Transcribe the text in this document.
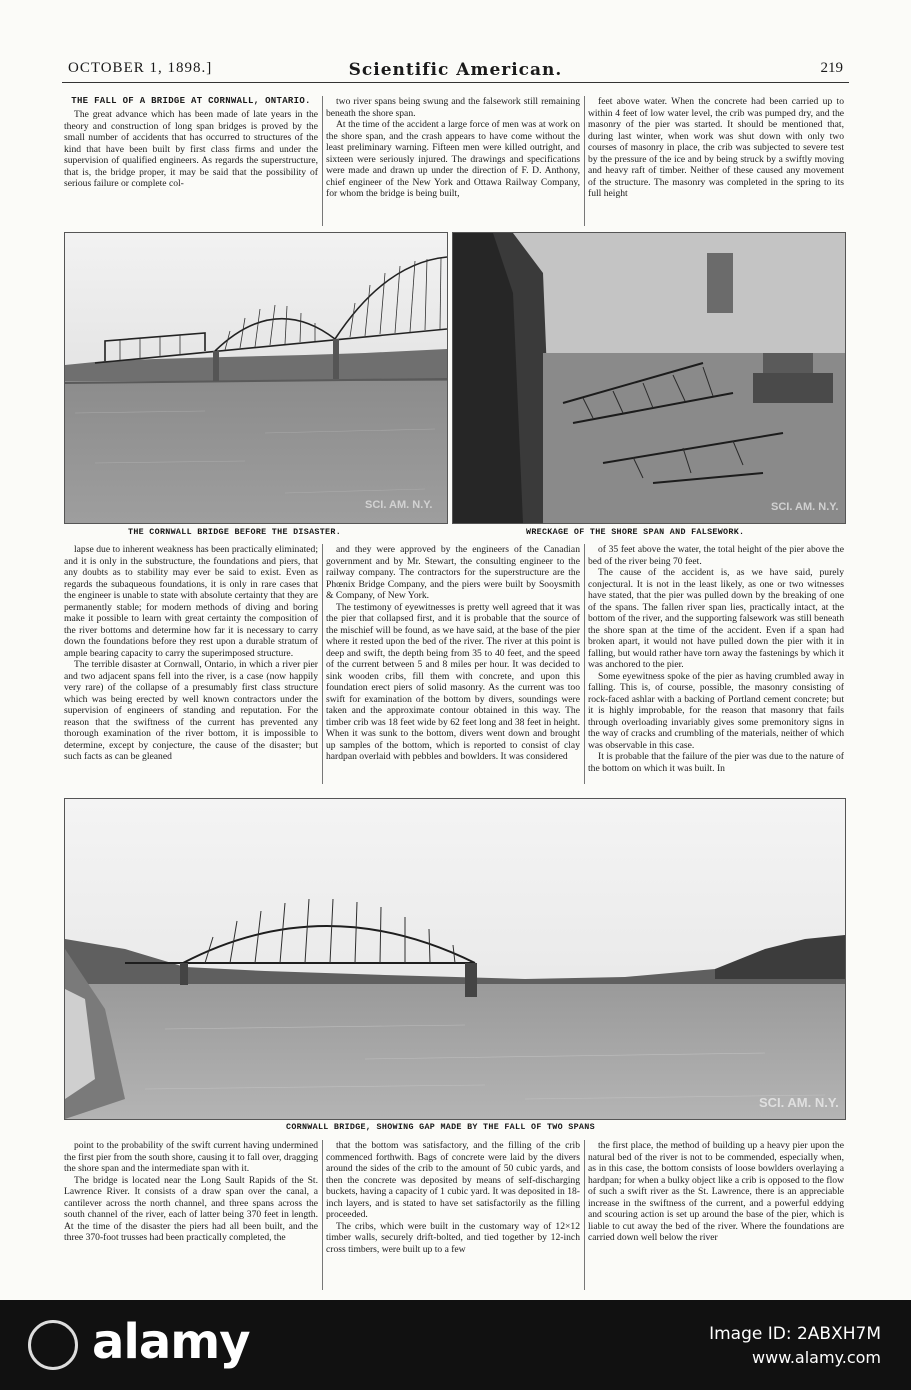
OCTOBER 1, 1898.]	Scientific American.	219
THE FALL OF A BRIDGE AT CORNWALL, ONTARIO.

The great advance which has been made of late years in the theory and construction of long span bridges is proved by the small number of accidents that has occurred to structures of the kind that have been built by first class firms and under the supervision of qualified engineers. As regards the superstructure, that is, the bridge proper, it may be said that the possibility of serious failure or complete col-

two river spans being swung and the falsework still remaining beneath the shore span.

At the time of the accident a large force of men was at work on the shore span, and the crash appears to have come without the least preliminary warning. Fifteen men were killed outright, and sixteen were seriously injured. The drawings and specifications were made and drawn up under the direction of F. D. Anthony, chief engineer of the New York and Ottawa Railway Company, for whom the bridge is being built,

feet above water. When the concrete had been carried up to within 4 feet of low water level, the crib was pumped dry, and the masonry of the pier was started. It should be mentioned that, during last winter, when work was shut down with only two courses of masonry in place, the crib was subjected to severe test by the pressure of the ice and by being struck by a swiftly moving and heavy raft of timber. Neither of these caused any movement of the structure. The masonry was completed in the spring to its full height

SCI. AM. N.Y.	SCI. AM. N.Y.
THE CORNWALL BRIDGE BEFORE THE DISASTER.	WRECKAGE OF THE SHORE SPAN AND FALSEWORK.

lapse due to inherent weakness has been practically eliminated; and it is only in the substructure, the foundations and piers, that any doubts as to stability may ever be said to exist. Even as regards the subaqueous foundations, it is only in rare cases that the engineer is unable to state with absolute certainty that they are permanently stable; for modern methods of diving and boring make it possible to learn with great certainty the composition of the river bottoms and determine how far it is necessary to carry down the foundations before they rest upon a durable stratum of ample bearing capacity to carry the superimposed structure.

The terrible disaster at Cornwall, Ontario, in which a river pier and two adjacent spans fell into the river, is a case (now happily very rare) of the collapse of a presumably first class structure which was being erected by well known contractors under the supervision of engineers of standing and reputation. For the reason that the swiftness of the current has prevented any thorough examination of the river bottom, it is impossible to determine, except by conjecture, the cause of the disaster; but such facts as can be gleaned

and they were approved by the engineers of the Canadian government and by Mr. Stewart, the consulting engineer to the railway company. The contractors for the superstructure are the Phœnix Bridge Company, and the piers were built by Sooysmith & Company, of New York.

The testimony of eyewitnesses is pretty well agreed that it was the pier that collapsed first, and it is probable that the source of the mischief will be found, as we have said, at the base of the pier where it rested upon the bed of the river. The river at this point is deep and swift, the depth being from 35 to 40 feet, and the speed of the current between 5 and 8 miles per hour. It was decided to sink wooden cribs, fill them with concrete, and upon this foundation erect piers of solid masonry. As the current was too swift for examination of the bottom by divers, soundings were taken and the approximate contour obtained in this way. The timber crib was 18 feet wide by 62 feet long and 38 feet in height. When it was sunk to the bottom, divers went down and brought up samples of the bottom, which is reported to consist of clay hardpan overlaid with pebbles and bowlders. It was considered

of 35 feet above the water, the total height of the pier above the bed of the river being 70 feet.

The cause of the accident is, as we have said, purely conjectural. It is not in the least likely, as one or two witnesses have stated, that the pier was pulled down by the breaking of one of the spans. The fallen river span lies, practically intact, at the bottom of the river, and the supporting falsework was still beneath the shore span at the time of the accident. Even if a span had broken apart, it would not have pulled down the pier with it in falling, but would rather have torn away the fastenings by which it was anchored to the pier.

Some eyewitness spoke of the pier as having crumbled away in falling. This is, of course, possible, the masonry consisting of rock-faced ashlar with a backing of Portland cement concrete; but it is highly improbable, for the reason that masonry that fails through overloading invariably gives some premonitory signs in the way of cracks and crumbling of the materials, neither of which was observable in this case.

It is probable that the failure of the pier was due to the nature of the bottom on which it was built. In

SCI. AM. N.Y.
CORNWALL BRIDGE, SHOWING GAP MADE BY THE FALL OF TWO SPANS

point to the probability of the swift current having undermined the first pier from the south shore, causing it to fall over, dragging the shore span and the intermediate span with it.

The bridge is located near the Long Sault Rapids of the St. Lawrence River. It consists of a draw span over the canal, a cantilever across the north channel, and three spans across the south channel of the river, each of latter being 370 feet in length. At the time of the disaster the piers had all been built, and the three 370-foot trusses had been practically completed, the

that the bottom was satisfactory, and the filling of the crib commenced forthwith. Bags of concrete were laid by the divers around the sides of the crib to the amount of 50 cubic yards, and then the concrete was deposited by means of self-discharging buckets, having a capacity of 1 cubic yard. It was deposited in 18-inch layers, and is stated to have set satisfactorily as the filling proceeded.

The cribs, which were built in the customary way of 12×12 timber walls, securely drift-bolted, and tied together by 12-inch cross timbers, were built up to a few

the first place, the method of building up a heavy pier upon the natural bed of the river is not to be commended, especially when, as in this case, the bottom consists of loose bowlders overlaying a hardpan; for when a bulky object like a crib is opposed to the flow of such a swift river as the St. Lawrence, there is an appreciable increase in the swiftness of the current, and a powerful eddying and scouring action is set up around the base of the pier, which is liable to cut away the bed of the river. Where the foundations are carried down well below the river

alamy	Image ID: 2ABXH7M
www.alamy.com
